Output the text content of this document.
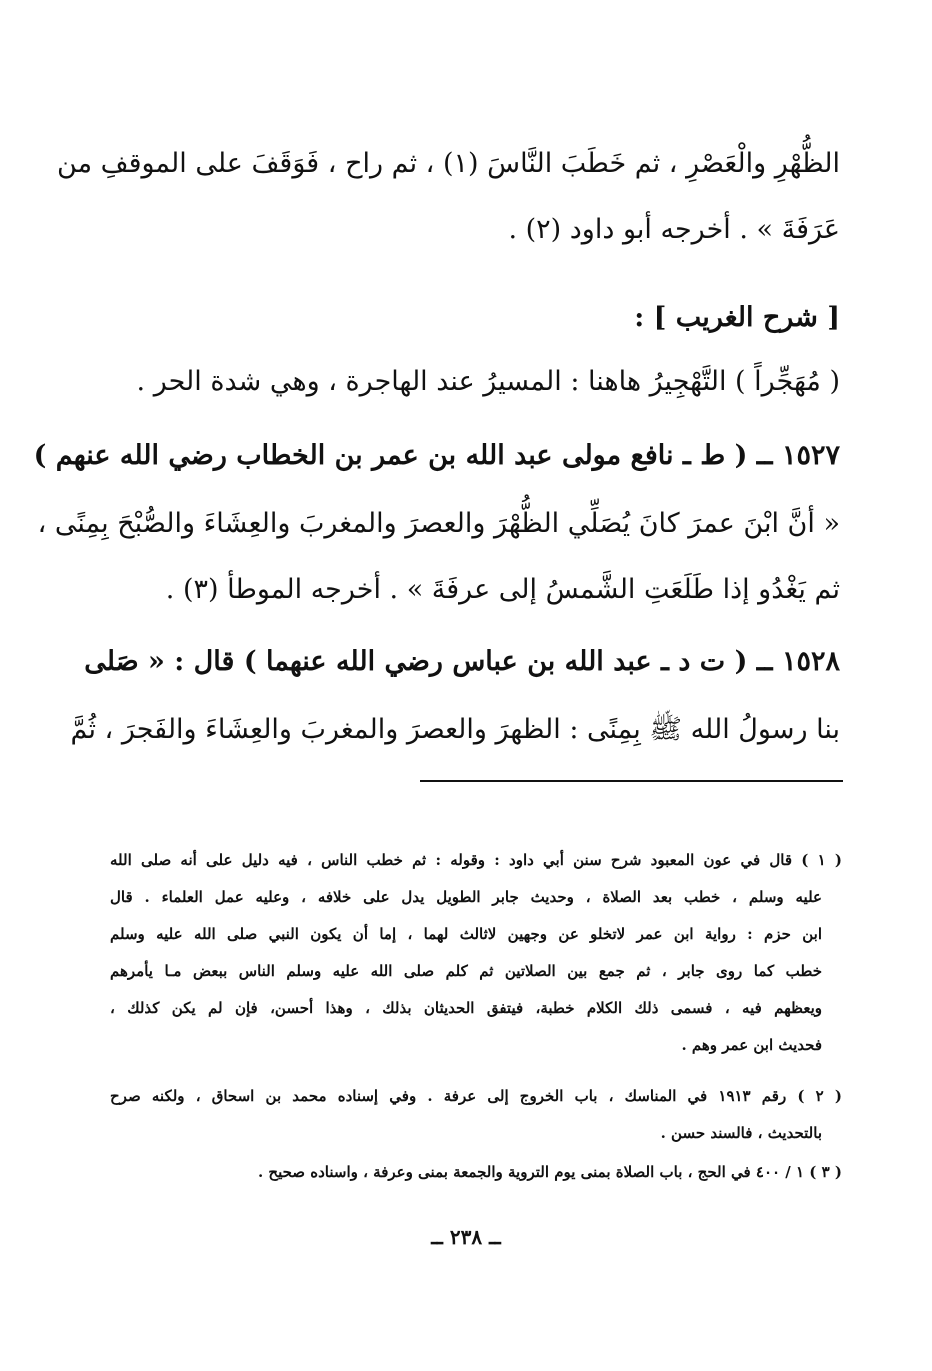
الظُّهْرِ والْعَصْرِ ، ثم خَطَبَ النَّاسَ (١) ، ثم راح ، فَوَقَفَ على الموقفِ من
عَرَفَةَ » . أخرجه أبو داود (٢) .
[ شرح الغريب ] :
( مُهَجِّراً ) التَّهْجِيرُ هاهنا : المسيرُ عند الهاجرة ، وهي شدة الحر .
١٥٢٧ ــ ( ط ـ نافع مولى عبد الله بن عمر بن الخطاب رضي الله عنهم )
« أنَّ ابْنَ عمرَ كانَ يُصَلِّي الظُّهْرَ والعصرَ والمغربَ والعِشَاءَ والصُّبْحَ بِمِنًى ،
ثم يَغْدُو إذا طَلَعَتِ الشَّمسُ إلى عرفَةَ » . أخرجه الموطأ (٣) .
١٥٢٨ ــ ( ت د ـ عبد الله بن عباس رضي الله عنهما ) قال : « صَلى
بنا رسولُ الله ﷺ بِمِنًى : الظهرَ والعصرَ والمغربَ والعِشَاءَ والفَجرَ ، ثُمَّ
( ١ ) قال في عون المعبود شرح سنن أبي داود : وقوله : ثم خطب الناس ، فيه دليل على أنه صلى الله
عليه وسلم ، خطب بعد الصلاة ، وحديث جابر الطويل يدل على خلافه ، وعليه عمل العلماء . قال
ابن حزم : رواية ابن عمر لاتخلو عن وجهين لاثالث لهما ، إما أن يكون النبي صلى الله عليه وسلم
خطب كما روى جابر ، ثم جمع بين الصلاتين ثم كلم صلى الله عليه وسلم الناس ببعض مـا يأمرهم
ويعظهم فيه ، فسمى ذلك الكلام خطبة، فيتفق الحديثان بذلك ، وهذا أحسن، فإن لم يكن كذلك ،
فحديث ابن عمر وهم .
( ٢ ) رقم ١٩١٣ في المناسك ، باب الخروج إلى عرفة . وفي إسناده محمد بن اسحاق ، ولكنه صرح
بالتحديث ، فالسند حسن .
( ٣ ) ١ / ٤٠٠ في الحج ، باب الصلاة بمنى يوم التروية والجمعة بمنى وعرفة ، واسناده صحيح .
ــ ٢٣٨ ــ
